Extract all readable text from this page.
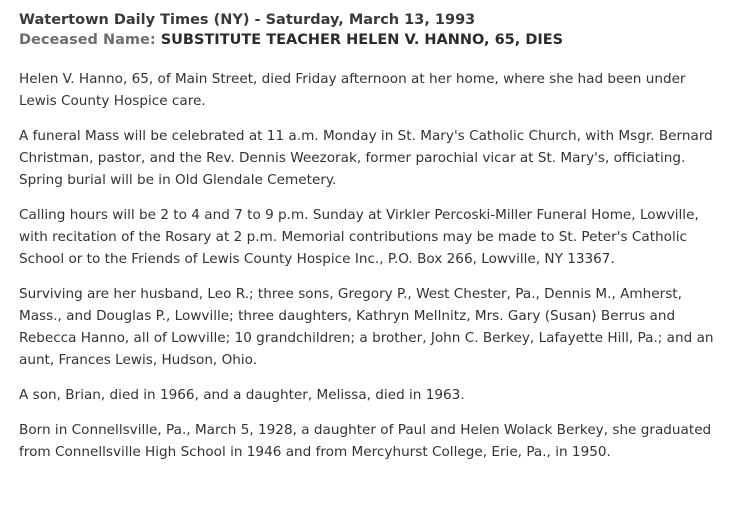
Watertown Daily Times (NY) - Saturday, March 13, 1993
Deceased Name: SUBSTITUTE TEACHER HELEN V. HANNO, 65, DIES

Helen V. Hanno, 65, of Main Street, died Friday afternoon at her home, where she had been under Lewis County Hospice care.

A funeral Mass will be celebrated at 11 a.m. Monday in St. Mary's Catholic Church, with Msgr. Bernard Christman, pastor, and the Rev. Dennis Weezorak, former parochial vicar at St. Mary's, officiating. Spring burial will be in Old Glendale Cemetery.

Calling hours will be 2 to 4 and 7 to 9 p.m. Sunday at Virkler Percoski-Miller Funeral Home, Lowville, with recitation of the Rosary at 2 p.m. Memorial contributions may be made to St. Peter's Catholic School or to the Friends of Lewis County Hospice Inc., P.O. Box 266, Lowville, NY 13367.

Surviving are her husband, Leo R.; three sons, Gregory P., West Chester, Pa., Dennis M., Amherst, Mass., and Douglas P., Lowville; three daughters, Kathryn Mellnitz, Mrs. Gary (Susan) Berrus and Rebecca Hanno, all of Lowville; 10 grandchildren; a brother, John C. Berkey, Lafayette Hill, Pa.; and an aunt, Frances Lewis, Hudson, Ohio.

A son, Brian, died in 1966, and a daughter, Melissa, died in 1963.

Born in Connellsville, Pa., March 5, 1928, a daughter of Paul and Helen Wolack Berkey, she graduated from Connellsville High School in 1946 and from Mercyhurst College, Erie, Pa., in 1950.
